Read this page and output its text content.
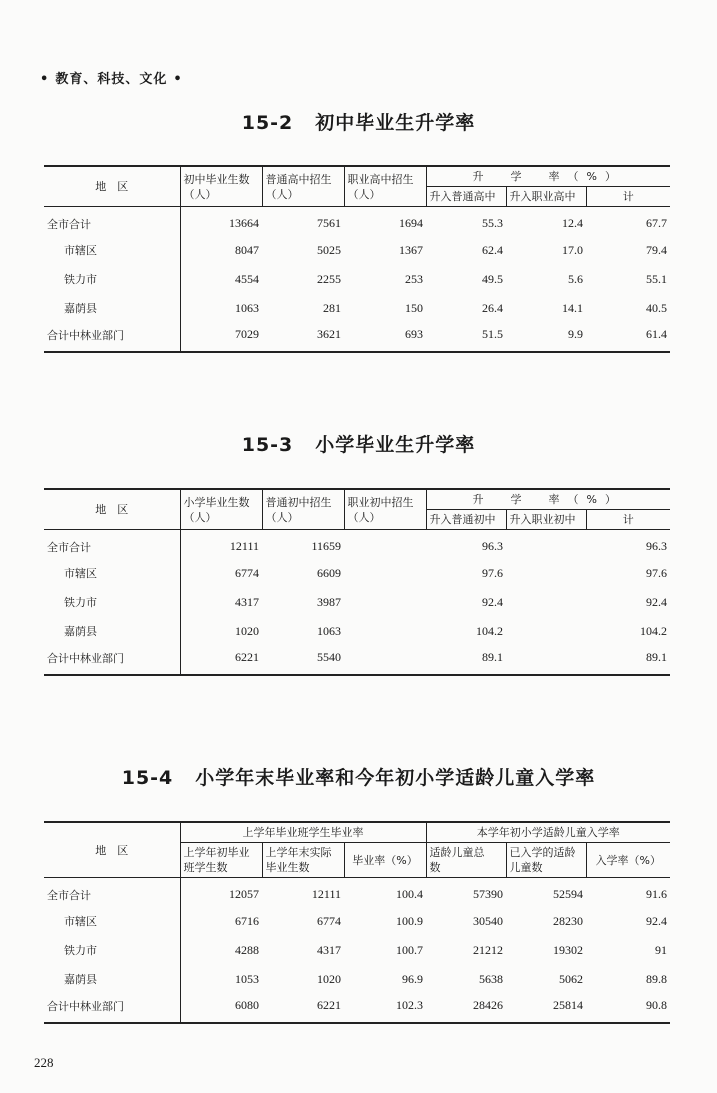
• 教育、科技、文化 •
15-2 初中毕业生升学率
地　区	初中毕业生数（人）	普通高中招生（人）	职业高中招生（人）	升　学　率（%）		
				升入普通高中	升入职业高中	计
全市合计	13664	7561	1694	55.3	12.4	67.7
市辖区	8047	5025	1367	62.4	17.0	79.4
铁力市	4554	2255	253	49.5	5.6	55.1
嘉荫县	1063	281	150	26.4	14.1	40.5
合计中林业部门	7029	3621	693	51.5	9.9	61.4
15-3 小学毕业生升学率
地　区	小学毕业生数（人）	普通初中招生（人）	职业初中招生（人）	升　学　率（%）		
				升入普通初中	升入职业初中	计
全市合计	12111	11659		96.3		96.3
市辖区	6774	6609		97.6		97.6
铁力市	4317	3987		92.4		92.4
嘉荫县	1020	1063		104.2		104.2
合计中林业部门	6221	5540		89.1		89.1
15-4 小学年末毕业率和今年初小学适龄儿童入学率
地　区	上学年毕业班学生毕业率			本学年初小学适龄儿童入学率		
	上学年初毕业班学生数	上学年末实际毕业生数	毕业率（%）	适龄儿童总　数	已入学的适龄儿童数	入学率（%）
全市合计	12057	12111	100.4	57390	52594	91.6
市辖区	6716	6774	100.9	30540	28230	92.4
铁力市	4288	4317	100.7	21212	19302	91
嘉荫县	1053	1020	96.9	5638	5062	89.8
合计中林业部门	6080	6221	102.3	28426	25814	90.8
228
